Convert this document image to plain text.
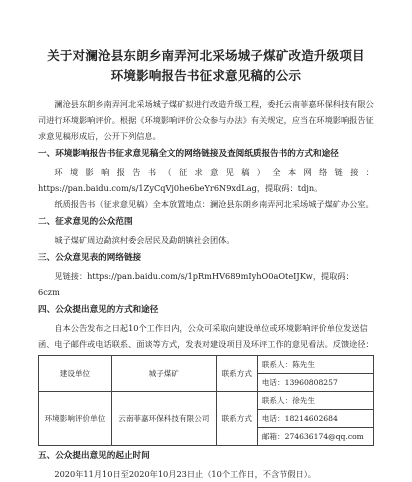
关于对澜沧县东朗乡南弄河北采场城子煤矿改造升级项目
环境影响报告书征求意见稿的公示

澜沧县东朗乡南弄河北采场城子煤矿拟进行改造升级工程，委托云南菲嘉环保科技有限公司进行环境影响评价。根据《环境影响评价公众参与办法》有关规定，应当在环境影响报告征求意见稿形成后，公开下列信息。

一、环境影响报告书征求意见稿全文的网络链接及查阅纸质报告书的方式和途径

环 境 影 响 报 告 书 （ 征 求 意 见 稿 ） 全 本 网 络 链 接 ：

https://pan.baidu.com/s/1ZyCqVj0he6beYr6N9xdLag，提取码：tdjn。

纸质报告书（征求意见稿）全本放置地点：澜沧县东朗乡南弄河北采场城子煤矿办公室。

二、征求意见的公众范围

城子煤矿周边勐滨村委会居民及勐朗镇社会团体。

三、公众意见表的网络链接

见链接：https://pan.baidu.com/s/1pRmHV689mIyhO0aOteIJKw，提取码：6czm

四、公众提出意见的方式和途径

自本公告发布之日起10个工作日内，公众可采取向建设单位或环境影响评价单位发送信函、电子邮件或电话联系、面谈等方式，发表对建设项目及环评工作的意见看法。反馈途径：

建设单位	城子煤矿	联系方式	联系人：陈先生
			电话：13960808257
环境影响评价单位	云南菲嘉环保科技有限公司	联系方式	联系人：徐先生
			电话：18214602684
			邮箱：274636174@qq.com
五、公众提出意见的起止时间

2020年11月10日至2020年10月23日止（10个工作日，不含节假日）。
